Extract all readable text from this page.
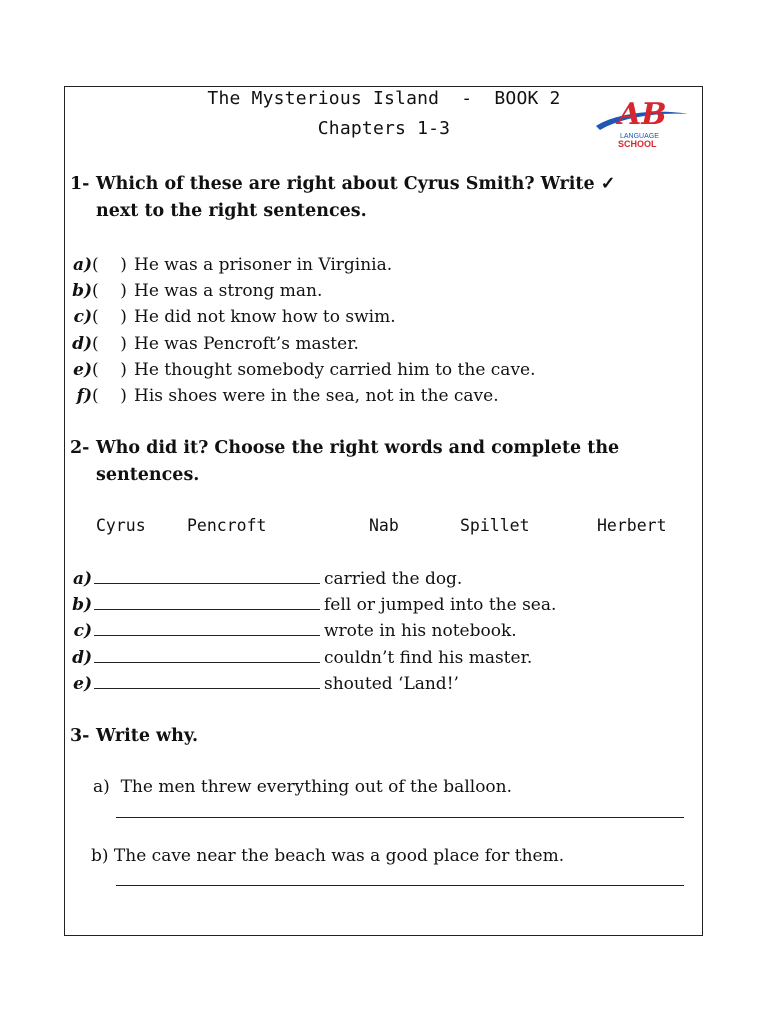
The Mysterious Island  -  BOOK 2
Chapters 1-3	AB
LANGUAGE
SCHOOL
1- Which of these are right about Cyrus Smith? Write ✓
next to the right sentences.
a)(    ) He was a prisoner in Virginia.
b)(    ) He was a strong man.
c)(    ) He did not know how to swim.
d)(    ) He was Pencroft’s master.
e)(    ) He thought somebody carried him to the cave.
f)(    ) His shoes were in the sea, not in the cave.
2- Who did it? Choose the right words and complete the
sentences.
Cyrus	Pencroft	Nab	Spillet	Herbert
a)	carried the dog.
b)	fell or jumped into the sea.
c)	wrote in his notebook.
d)	couldn’t find his master.
e)	shouted ‘Land!’
3- Write why.
a) The men threw everything out of the balloon.
b) The cave near the beach was a good place for them.
